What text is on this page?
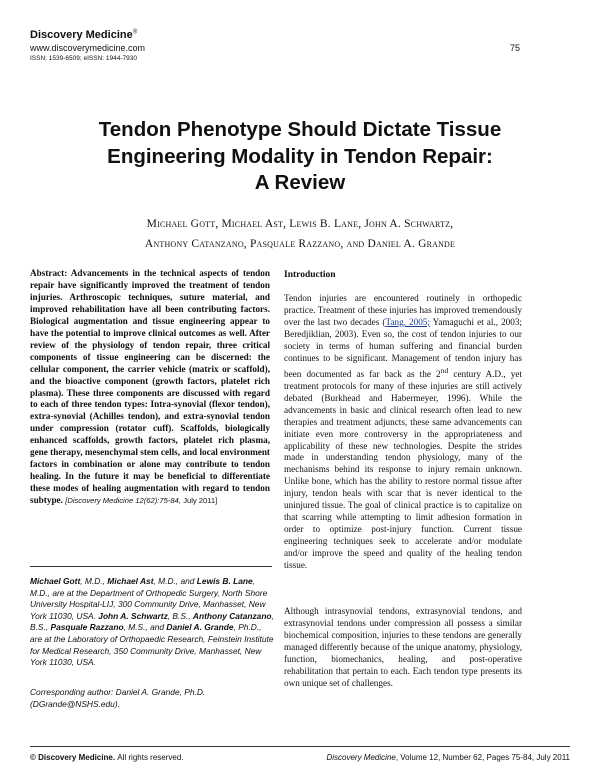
Discovery Medicine®
www.discoverymedicine.com
ISSN: 1539-6509; eISSN: 1944-7930
75
Tendon Phenotype Should Dictate Tissue
Engineering Modality in Tendon Repair:
A Review
Michael Gott, Michael Ast, Lewis B. Lane, John A. Schwartz,
Anthony Catanzano, Pasquale Razzano, and Daniel A. Grande
Abstract: Advancements in the technical aspects of tendon repair have significantly improved the treatment of tendon injuries. Arthroscopic techniques, suture material, and improved rehabilitation have all been contributing factors. Biological augmentation and tissue engineering appear to have the potential to improve clinical outcomes as well. After review of the physiology of tendon repair, three critical components of tissue engineering can be discerned: the cellular component, the carrier vehicle (matrix or scaffold), and the bioactive component (growth factors, platelet rich plasma). These three components are discussed with regard to each of three tendon types: Intra-synovial (flexor tendon), extra-synovial (Achilles tendon), and extra-synovial tendon under compression (rotator cuff). Scaffolds, biologically enhanced scaffolds, growth factors, platelet rich plasma, gene therapy, mesenchymal stem cells, and local environment factors in combination or alone may contribute to tendon healing. In the future it may be beneficial to differentiate these modes of healing augmentation with regard to tendon subtype. [Discovery Medicine 12(62):75-84, July 2011]
Michael Gott, M.D., Michael Ast, M.D., and Lewis B. Lane, M.D., are at the Department of Orthopedic Surgery, North Shore University Hospital-LIJ, 300 Community Drive, Manhasset, New York 11030, USA. John A. Schwartz, B.S., Anthony Catanzano, B.S., Pasquale Razzano, M.S., and Daniel A. Grande, Ph.D., are at the Laboratory of Orthopaedic Research, Feinstein Institute for Medical Research, 350 Community Drive, Manhasset, New York 11030, USA.
Corresponding author: Daniel A. Grande, Ph.D. (DGrande@NSHS.edu).
Introduction
Tendon injuries are encountered routinely in orthopedic practice. Treatment of these injuries has improved tremendously over the last two decades (Tang, 2005; Yamaguchi et al., 2003; Beredjiklian, 2003). Even so, the cost of tendon injuries to our society in terms of human suffering and financial burden continues to be significant. Management of tendon injury has been documented as far back as the 2nd century A.D., yet treatment protocols for many of these injuries are still actively debated (Burkhead and Habermeyer, 1996). While the advancements in basic and clinical research often lead to new therapies and treatment adjuncts, these same advancements can initiate even more controversy in the appropriateness and applicability of these new technologies. Despite the strides made in understanding tendon physiology, many of the mechanisms behind its response to injury remain unknown. Unlike bone, which has the ability to restore normal tissue after injury, tendon heals with scar that is never identical to the uninjured tissue. The goal of clinical practice is to capitalize on that scarring while attempting to limit adhesion formation in order to optimize post-injury function. Current tissue engineering techniques seek to accelerate and/or modulate and/or improve the speed and quality of the healing tendon tissue.
Although intrasynovial tendons, extrasynovial tendons, and extrasynovial tendons under compression all possess a similar biochemical composition, injuries to these tendons are generally managed differently because of the unique anatomy, physiology, function, biomechanics, healing, and post-operative rehabilitation that pertain to each. Each tendon type presents its own unique set of challenges.
© Discovery Medicine. All rights reserved.	Discovery Medicine, Volume 12, Number 62, Pages 75-84, July 2011
